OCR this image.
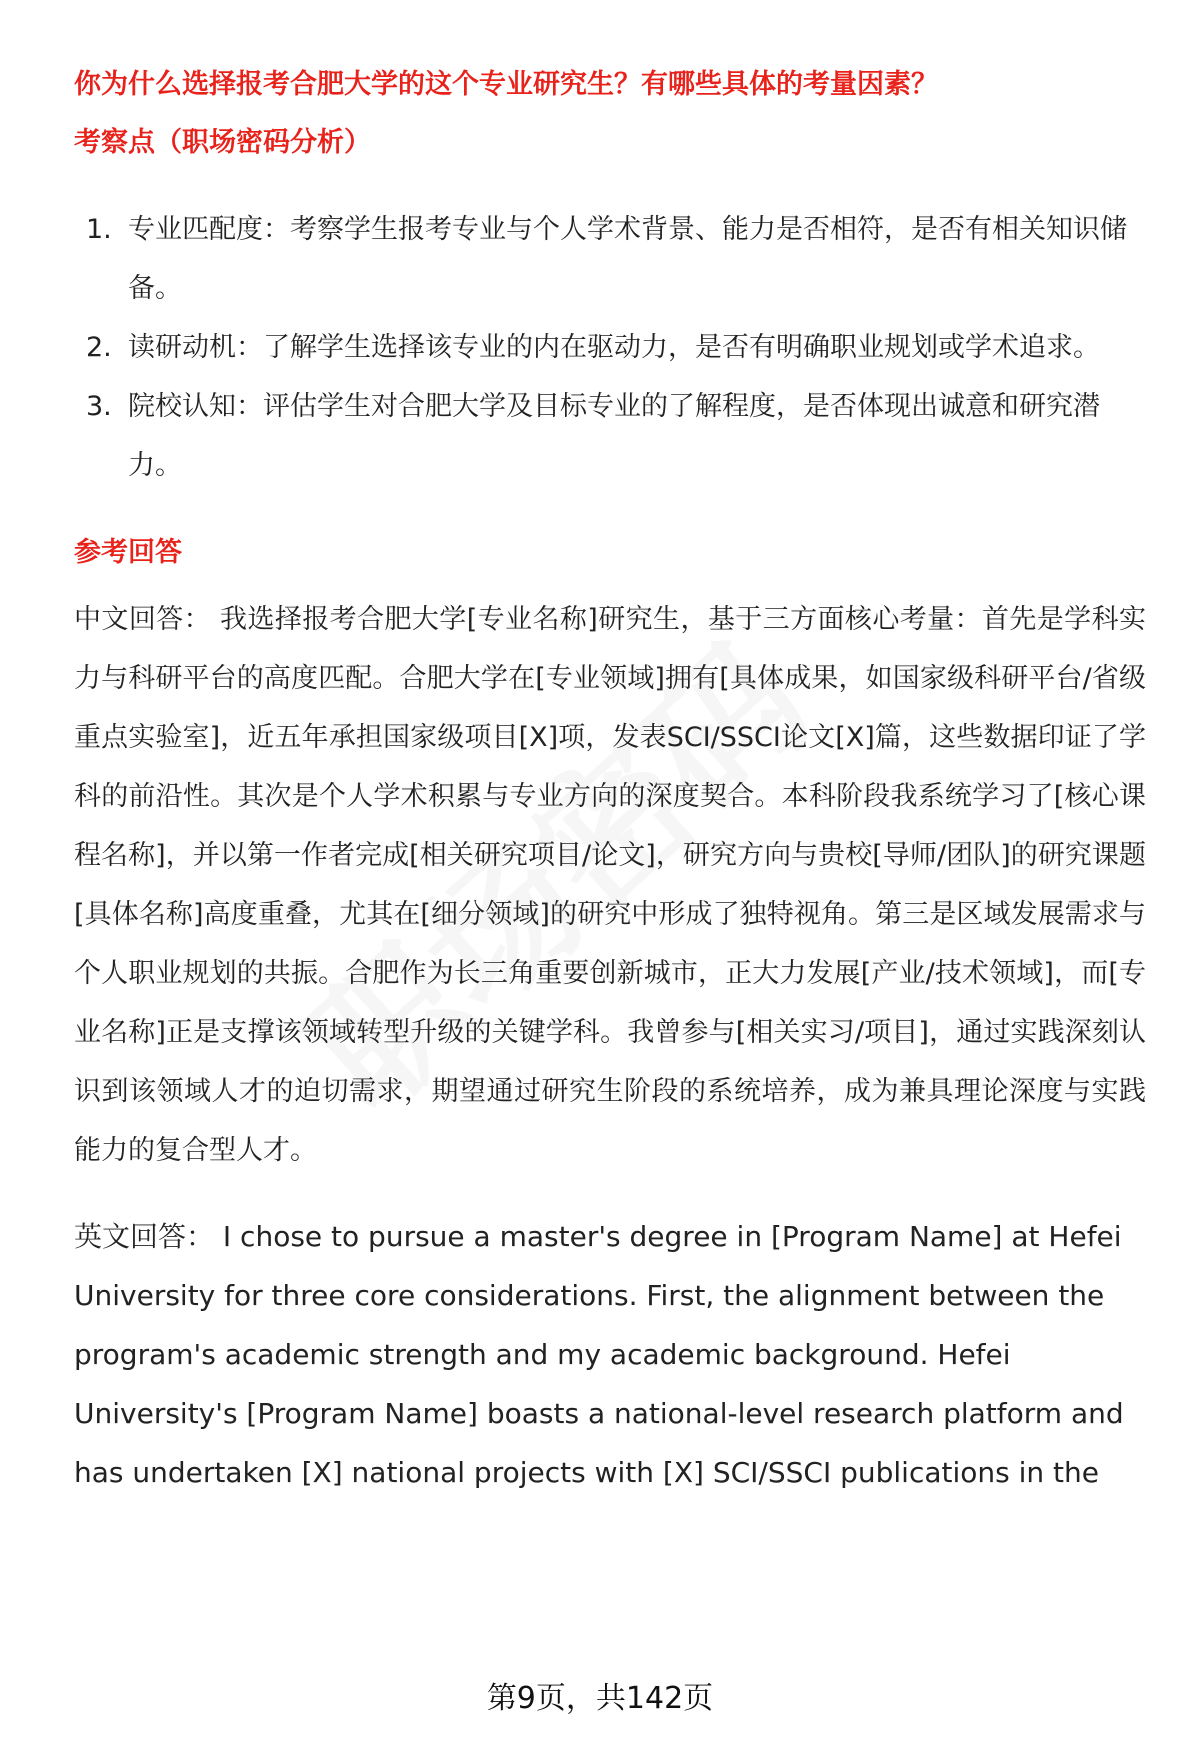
你为什么选择报考合肥大学的这个专业研究生？有哪些具体的考量因素？
考察点（职场密码分析）
1. 专业匹配度：考察学生报考专业与个人学术背景、能力是否相符，是否有相关知识储备。
2. 读研动机：了解学生选择该专业的内在驱动力，是否有明确职业规划或学术追求。
3. 院校认知：评估学生对合肥大学及目标专业的了解程度，是否体现出诚意和研究潜力。
参考回答

中文回答： 我选择报考合肥大学[专业名称]研究生，基于三方面核心考量：首先是学科实力与科研平台的高度匹配。合肥大学在[专业领域]拥有[具体成果，如国家级科研平台/省级重点实验室]，近五年承担国家级项目[X]项，发表SCI/SSCI论文[X]篇，这些数据印证了学科的前沿性。其次是个人学术积累与专业方向的深度契合。本科阶段我系统学习了[核心课程名称]，并以第一作者完成[相关研究项目/论文]，研究方向与贵校[导师/团队]的研究课题[具体名称]高度重叠，尤其在[细分领域]的研究中形成了独特视角。第三是区域发展需求与个人职业规划的共振。合肥作为长三角重要创新城市，正大力发展[产业/技术领域]，而[专业名称]正是支撑该领域转型升级的关键学科。我曾参与[相关实习/项目]，通过实践深刻认识到该领域人才的迫切需求，期望通过研究生阶段的系统培养，成为兼具理论深度与实践能力的复合型人才。

英文回答： I chose to pursue a master's degree in [Program Name] at Hefei University for three core considerations. First, the alignment between the program's academic strength and my academic background. Hefei University's [Program Name] boasts a national-level research platform and has undertaken [X] national projects with [X] SCI/SSCI publications in the

第9页，共142页
